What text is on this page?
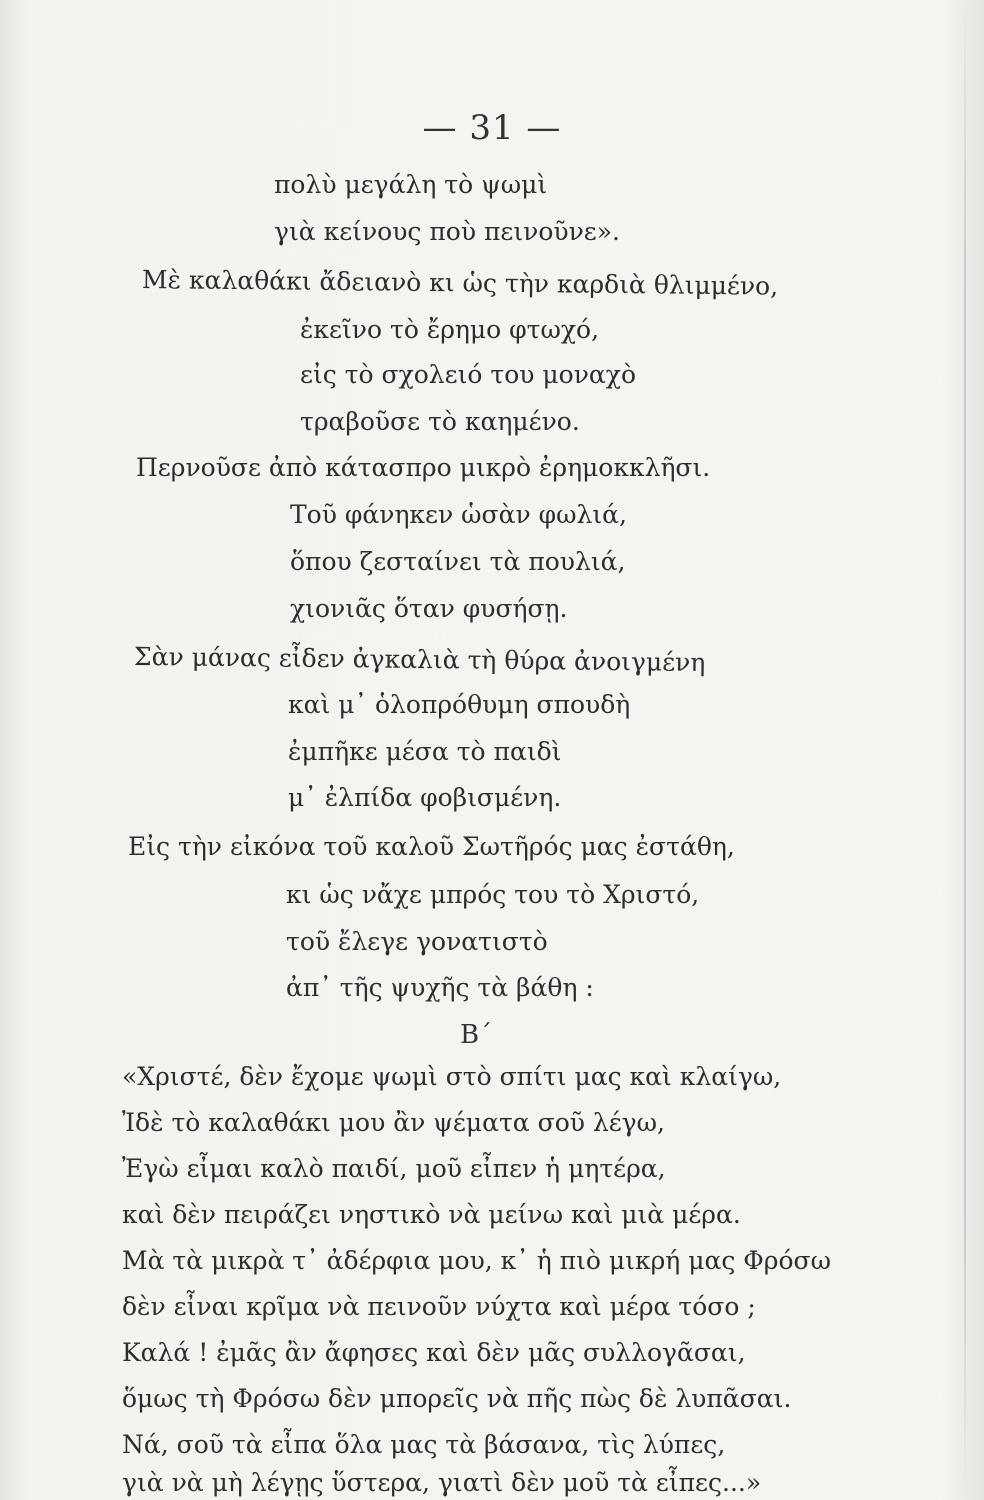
— 31 —
πολὺ μεγάλη τὸ ψωμὶ
γιὰ κείνους ποὺ πεινοῦνε».
Μὲ καλαθάκι ἄδειανὸ κι ὡς τὴν καρδιὰ θλιμμένο,
ἐκεῖνο τὸ ἔρημο φτωχό,
εἰς τὸ σχολειό του μοναχὸ
τραβοῦσε τὸ καημένο.
Περνοῦσε ἀπὸ κάτασπρο μικρὸ ἐρημοκκλῆσι.
Τοῦ φάνηκεν ὡσὰν φωλιά,
ὅπου ζεσταίνει τὰ πουλιά,
χιονιᾶς ὅταν φυσήσῃ.
Σὰν μάνας εἶδεν ἀγκαλιὰ τὴ θύρα ἀνοιγμένη
καὶ μ᾽ ὁλοπρόθυμη σπουδὴ
ἐμπῆκε μέσα τὸ παιδὶ
μ᾽ ἐλπίδα φοβισμένη.
Εἰς τὴν εἰκόνα τοῦ καλοῦ Σωτῆρός μας ἐστάθη,
κι ὡς νἄχε μπρός του τὸ Χριστό,
τοῦ ἔλεγε γονατιστὸ
ἀπ᾽ τῆς ψυχῆς τὰ βάθη :
Β΄
«Χριστέ, δὲν ἔχομε ψωμὶ στὸ σπίτι μας καὶ κλαίγω,
Ἰδὲ τὸ καλαθάκι μου ἂν ψέματα σοῦ λέγω,
Ἐγὼ εἶμαι καλὸ παιδί, μοῦ εἶπεν ἡ μητέρα,
καὶ δὲν πειράζει νηστικὸ νὰ μείνω καὶ μιὰ μέρα.
Μὰ τὰ μικρὰ τ᾽ ἀδέρφια μου, κ᾽ ἡ πιὸ μικρή μας Φρόσω
δὲν εἶναι κρῖμα νὰ πεινοῦν νύχτα καὶ μέρα τόσο ;
Καλά ! ἐμᾶς ἂν ἄφησες καὶ δὲν μᾶς συλλογᾶσαι,
ὅμως τὴ Φρόσω δὲν μπορεῖς νὰ πῆς πὼς δὲ λυπᾶσαι.
Νά, σοῦ τὰ εἶπα ὅλα μας τὰ βάσανα, τὶς λύπες,
γιὰ νὰ μὴ λέγῃς ὕστερα, γιατὶ δὲν μοῦ τὰ εἶπες...»
